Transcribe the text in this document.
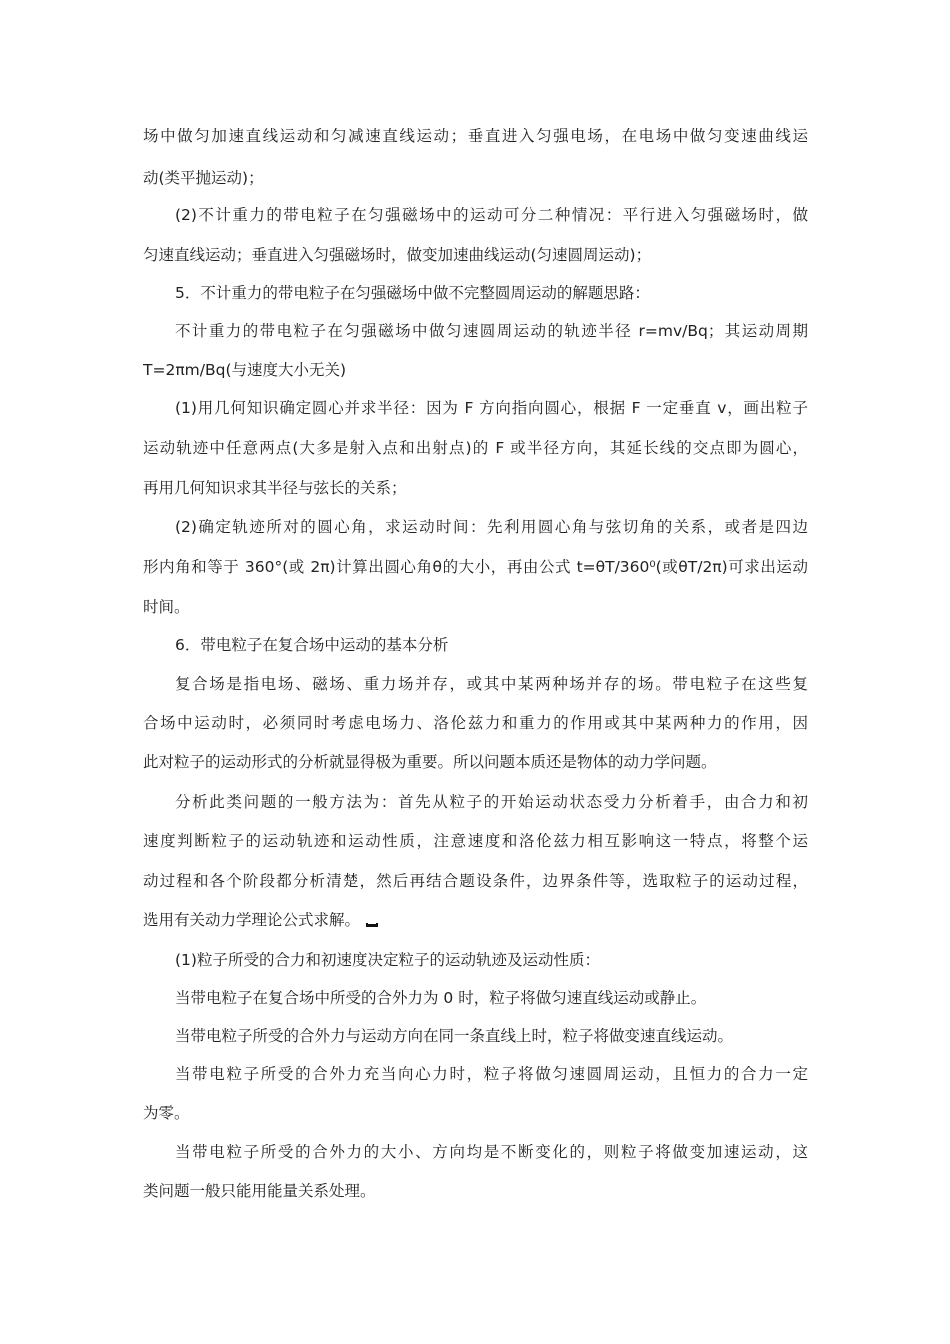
场中做匀加速直线运动和匀减速直线运动；垂直进入匀强电场，在电场中做匀变速曲线运
动(类平抛运动)；
(2)不计重力的带电粒子在匀强磁场中的运动可分二种情况：平行进入匀强磁场时，做
匀速直线运动；垂直进入匀强磁场时，做变加速曲线运动(匀速圆周运动)；
5．不计重力的带电粒子在匀强磁场中做不完整圆周运动的解题思路：
不计重力的带电粒子在匀强磁场中做匀速圆周运动的轨迹半径 r=mv/Bq；其运动周期
T=2πm/Bq(与速度大小无关)
(1)用几何知识确定圆心并求半径：因为 F 方向指向圆心，根据 F 一定垂直 v，画出粒子
运动轨迹中任意两点(大多是射入点和出射点)的 F 或半径方向，其延长线的交点即为圆心，
再用几何知识求其半径与弦长的关系；
(2)确定轨迹所对的圆心角，求运动时间：先利用圆心角与弦切角的关系，或者是四边
形内角和等于 360°(或 2π)计算出圆心角θ的大小，再由公式 t=θT/360⁰(或θT/2π)可求出运动
时间。
6．带电粒子在复合场中运动的基本分析
复合场是指电场、磁场、重力场并存，或其中某两种场并存的场。带电粒子在这些复
合场中运动时，必须同时考虑电场力、洛伦兹力和重力的作用或其中某两种力的作用，因
此对粒子的运动形式的分析就显得极为重要。所以问题本质还是物体的动力学问题。
分析此类问题的一般方法为：首先从粒子的开始运动状态受力分析着手，由合力和初
速度判断粒子的运动轨迹和运动性质，注意速度和洛伦兹力相互影响这一特点，将整个运
动过程和各个阶段都分析清楚，然后再结合题设条件，边界条件等，选取粒子的运动过程，
选用有关动力学理论公式求解。
(1)粒子所受的合力和初速度决定粒子的运动轨迹及运动性质：
当带电粒子在复合场中所受的合外力为 0 时，粒子将做匀速直线运动或静止。
当带电粒子所受的合外力与运动方向在同一条直线上时，粒子将做变速直线运动。
当带电粒子所受的合外力充当向心力时，粒子将做匀速圆周运动，且恒力的合力一定
为零。
当带电粒子所受的合外力的大小、方向均是不断变化的，则粒子将做变加速运动，这
类问题一般只能用能量关系处理。
